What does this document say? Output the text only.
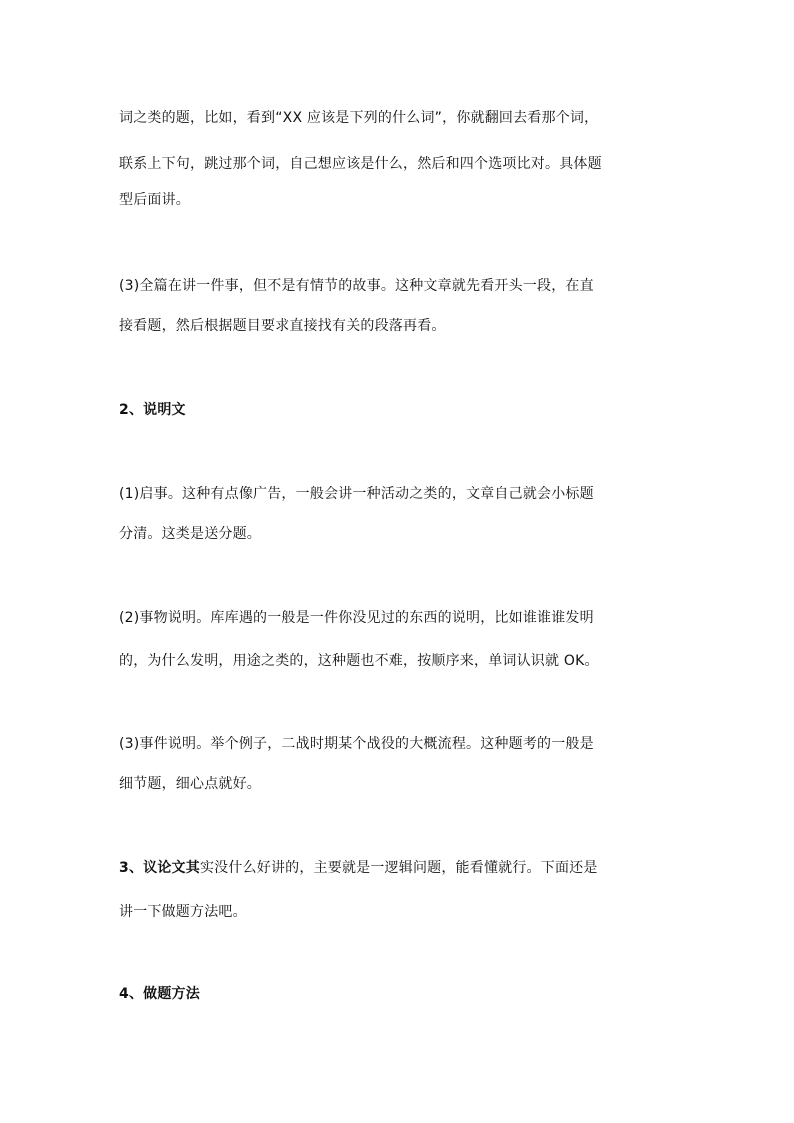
词之类的题，比如，看到“XX 应该是下列的什么词”，你就翻回去看那个词，
联系上下句，跳过那个词，自己想应该是什么，然后和四个选项比对。具体题
型后面讲。
(3)全篇在讲一件事，但不是有情节的故事。这种文章就先看开头一段，在直
接看题，然后根据题目要求直接找有关的段落再看。
2、说明文
(1)启事。这种有点像广告，一般会讲一种活动之类的，文章自己就会小标题
分清。这类是送分题。
(2)事物说明。库库遇的一般是一件你没见过的东西的说明，比如谁谁谁发明
的，为什么发明，用途之类的，这种题也不难，按顺序来，单词认识就 OK。
(3)事件说明。举个例子，二战时期某个战役的大概流程。这种题考的一般是
细节题，细心点就好。
3、议论文其实没什么好讲的，主要就是一逻辑问题，能看懂就行。下面还是
讲一下做题方法吧。
4、做题方法
